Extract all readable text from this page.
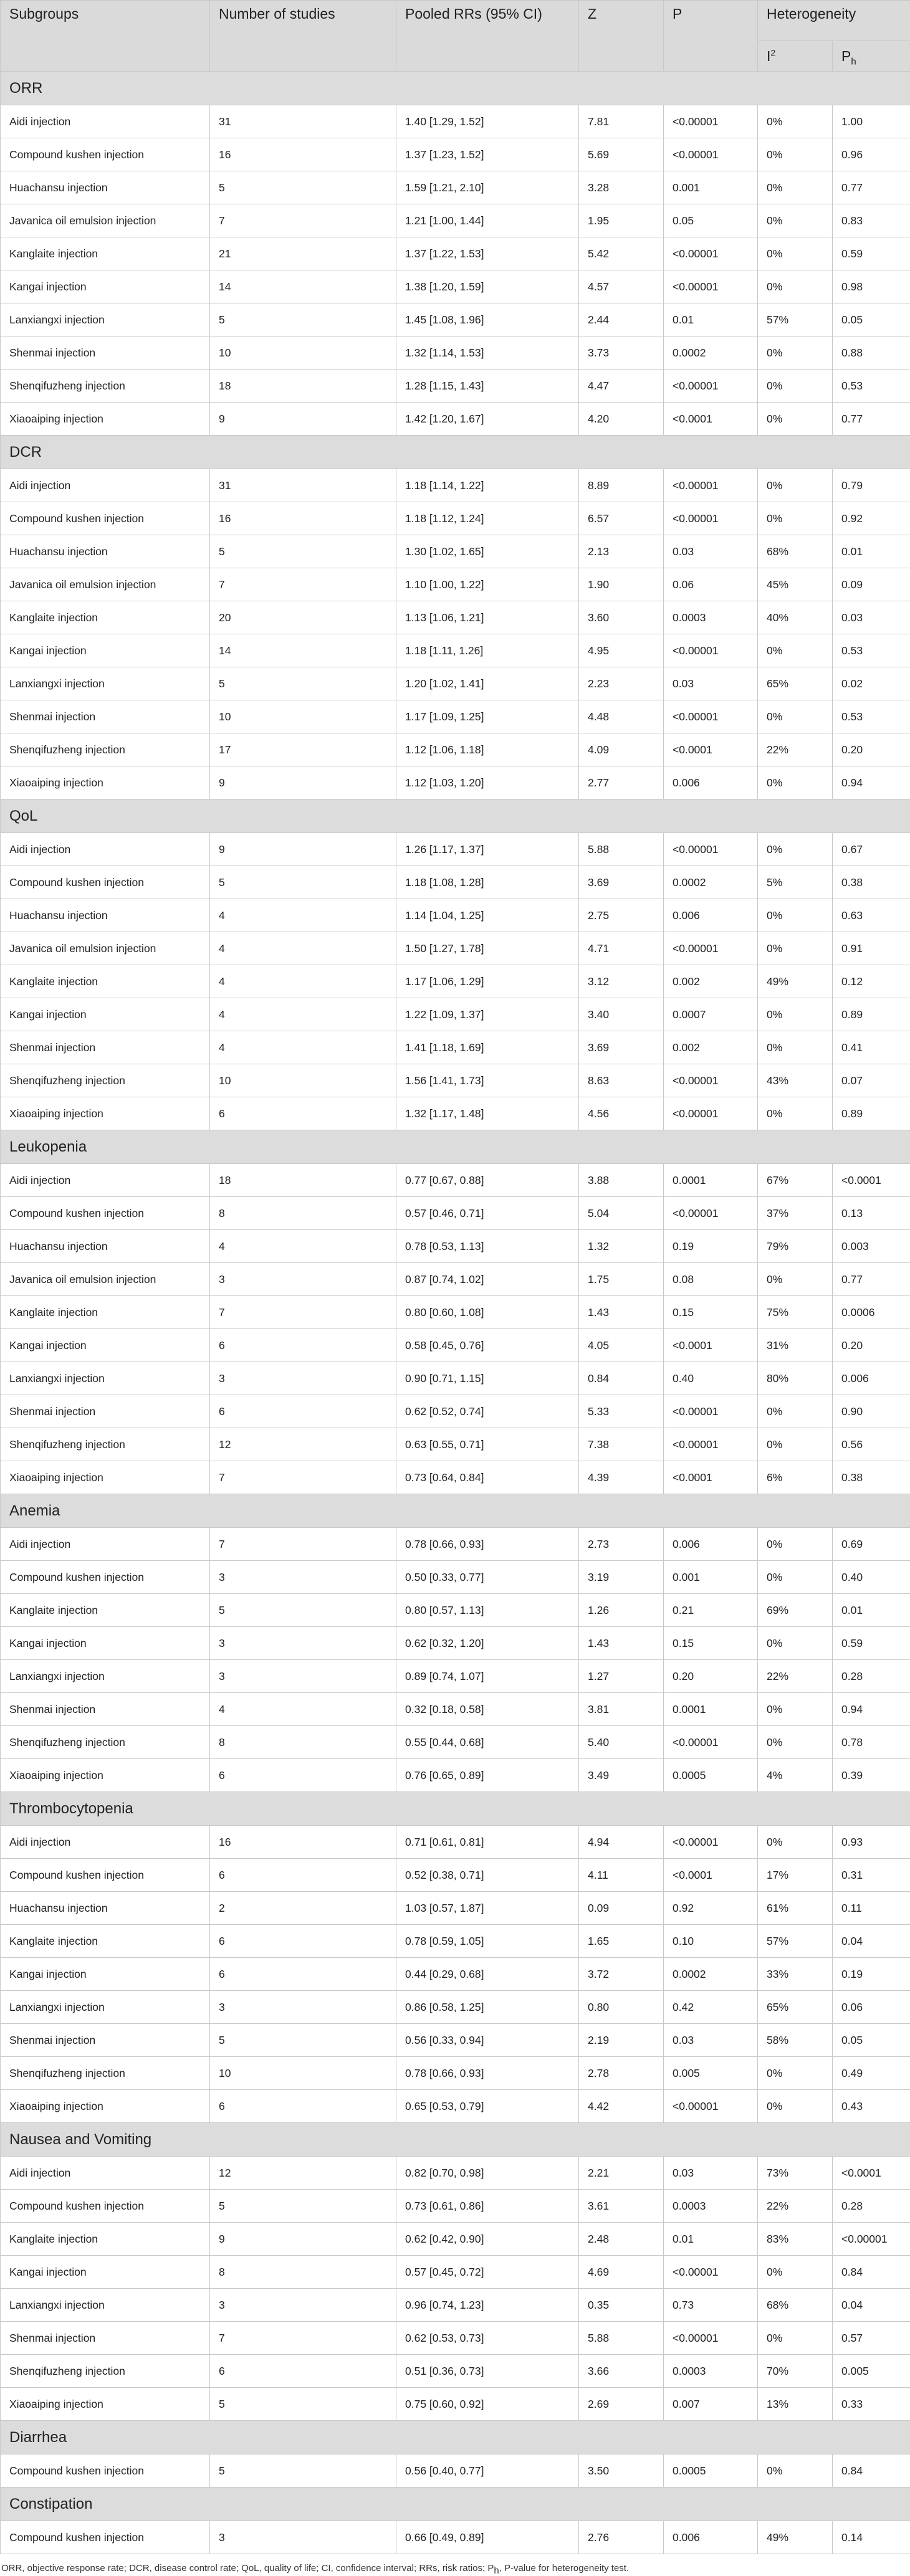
Subgroups	Number of studies	Pooled RRs (95% CI)	Z	P	Heterogeneity	
					$I^2$	$P_h$
ORR						
Aidi injection	31	1.40 [1.29, 1.52]	7.81	<0.00001	0%	1.00
Compound kushen injection	16	1.37 [1.23, 1.52]	5.69	<0.00001	0%	0.96
Huachansu injection	5	1.59 [1.21, 2.10]	3.28	0.001	0%	0.77
Javanica oil emulsion injection	7	1.21 [1.00, 1.44]	1.95	0.05	0%	0.83
Kanglaite injection	21	1.37 [1.22, 1.53]	5.42	<0.00001	0%	0.59
Kangai injection	14	1.38 [1.20, 1.59]	4.57	<0.00001	0%	0.98
Lanxiangxi injection	5	1.45 [1.08, 1.96]	2.44	0.01	57%	0.05
Shenmai injection	10	1.32 [1.14, 1.53]	3.73	0.0002	0%	0.88
Shenqifuzheng injection	18	1.28 [1.15, 1.43]	4.47	<0.00001	0%	0.53
Xiaoaiping injection	9	1.42 [1.20, 1.67]	4.20	<0.0001	0%	0.77
DCR						
Aidi injection	31	1.18 [1.14, 1.22]	8.89	<0.00001	0%	0.79
Compound kushen injection	16	1.18 [1.12, 1.24]	6.57	<0.00001	0%	0.92
Huachansu injection	5	1.30 [1.02, 1.65]	2.13	0.03	68%	0.01
Javanica oil emulsion injection	7	1.10 [1.00, 1.22]	1.90	0.06	45%	0.09
Kanglaite injection	20	1.13 [1.06, 1.21]	3.60	0.0003	40%	0.03
Kangai injection	14	1.18 [1.11, 1.26]	4.95	<0.00001	0%	0.53
Lanxiangxi injection	5	1.20 [1.02, 1.41]	2.23	0.03	65%	0.02
Shenmai injection	10	1.17 [1.09, 1.25]	4.48	<0.00001	0%	0.53
Shenqifuzheng injection	17	1.12 [1.06, 1.18]	4.09	<0.0001	22%	0.20
Xiaoaiping injection	9	1.12 [1.03, 1.20]	2.77	0.006	0%	0.94
QoL						
Aidi injection	9	1.26 [1.17, 1.37]	5.88	<0.00001	0%	0.67
Compound kushen injection	5	1.18 [1.08, 1.28]	3.69	0.0002	5%	0.38
Huachansu injection	4	1.14 [1.04, 1.25]	2.75	0.006	0%	0.63
Javanica oil emulsion injection	4	1.50 [1.27, 1.78]	4.71	<0.00001	0%	0.91
Kanglaite injection	4	1.17 [1.06, 1.29]	3.12	0.002	49%	0.12
Kangai injection	4	1.22 [1.09, 1.37]	3.40	0.0007	0%	0.89
Shenmai injection	4	1.41 [1.18, 1.69]	3.69	0.002	0%	0.41
Shenqifuzheng injection	10	1.56 [1.41, 1.73]	8.63	<0.00001	43%	0.07
Xiaoaiping injection	6	1.32 [1.17, 1.48]	4.56	<0.00001	0%	0.89
Leukopenia						
Aidi injection	18	0.77 [0.67, 0.88]	3.88	0.0001	67%	<0.0001
Compound kushen injection	8	0.57 [0.46, 0.71]	5.04	<0.00001	37%	0.13
Huachansu injection	4	0.78 [0.53, 1.13]	1.32	0.19	79%	0.003
Javanica oil emulsion injection	3	0.87 [0.74, 1.02]	1.75	0.08	0%	0.77
Kanglaite injection	7	0.80 [0.60, 1.08]	1.43	0.15	75%	0.0006
Kangai injection	6	0.58 [0.45, 0.76]	4.05	<0.0001	31%	0.20
Lanxiangxi injection	3	0.90 [0.71, 1.15]	0.84	0.40	80%	0.006
Shenmai injection	6	0.62 [0.52, 0.74]	5.33	<0.00001	0%	0.90
Shenqifuzheng injection	12	0.63 [0.55, 0.71]	7.38	<0.00001	0%	0.56
Xiaoaiping injection	7	0.73 [0.64, 0.84]	4.39	<0.0001	6%	0.38
Anemia						
Aidi injection	7	0.78 [0.66, 0.93]	2.73	0.006	0%	0.69
Compound kushen injection	3	0.50 [0.33, 0.77]	3.19	0.001	0%	0.40
Kanglaite injection	5	0.80 [0.57, 1.13]	1.26	0.21	69%	0.01
Kangai injection	3	0.62 [0.32, 1.20]	1.43	0.15	0%	0.59
Lanxiangxi injection	3	0.89 [0.74, 1.07]	1.27	0.20	22%	0.28
Shenmai injection	4	0.32 [0.18, 0.58]	3.81	0.0001	0%	0.94
Shenqifuzheng injection	8	0.55 [0.44, 0.68]	5.40	<0.00001	0%	0.78
Xiaoaiping injection	6	0.76 [0.65, 0.89]	3.49	0.0005	4%	0.39
Thrombocytopenia						
Aidi injection	16	0.71 [0.61, 0.81]	4.94	<0.00001	0%	0.93
Compound kushen injection	6	0.52 [0.38, 0.71]	4.11	<0.0001	17%	0.31
Huachansu injection	2	1.03 [0.57, 1.87]	0.09	0.92	61%	0.11
Kanglaite injection	6	0.78 [0.59, 1.05]	1.65	0.10	57%	0.04
Kangai injection	6	0.44 [0.29, 0.68]	3.72	0.0002	33%	0.19
Lanxiangxi injection	3	0.86 [0.58, 1.25]	0.80	0.42	65%	0.06
Shenmai injection	5	0.56 [0.33, 0.94]	2.19	0.03	58%	0.05
Shenqifuzheng injection	10	0.78 [0.66, 0.93]	2.78	0.005	0%	0.49
Xiaoaiping injection	6	0.65 [0.53, 0.79]	4.42	<0.00001	0%	0.43
Nausea and Vomiting						
Aidi injection	12	0.82 [0.70, 0.98]	2.21	0.03	73%	<0.0001
Compound kushen injection	5	0.73 [0.61, 0.86]	3.61	0.0003	22%	0.28
Kanglaite injection	9	0.62 [0.42, 0.90]	2.48	0.01	83%	<0.00001
Kangai injection	8	0.57 [0.45, 0.72]	4.69	<0.00001	0%	0.84
Lanxiangxi injection	3	0.96 [0.74, 1.23]	0.35	0.73	68%	0.04
Shenmai injection	7	0.62 [0.53, 0.73]	5.88	<0.00001	0%	0.57
Shenqifuzheng injection	6	0.51 [0.36, 0.73]	3.66	0.0003	70%	0.005
Xiaoaiping injection	5	0.75 [0.60, 0.92]	2.69	0.007	13%	0.33
Diarrhea						
Compound kushen injection	5	0.56 [0.40, 0.77]	3.50	0.0005	0%	0.84
Constipation						
Compound kushen injection	3	0.66 [0.49, 0.89]	2.76	0.006	49%	0.14
ORR, objective response rate; DCR, disease control rate; QoL, quality of life; CI, confidence interval; RRs, risk ratios; $P_h$, P-value for heterogeneity test.
